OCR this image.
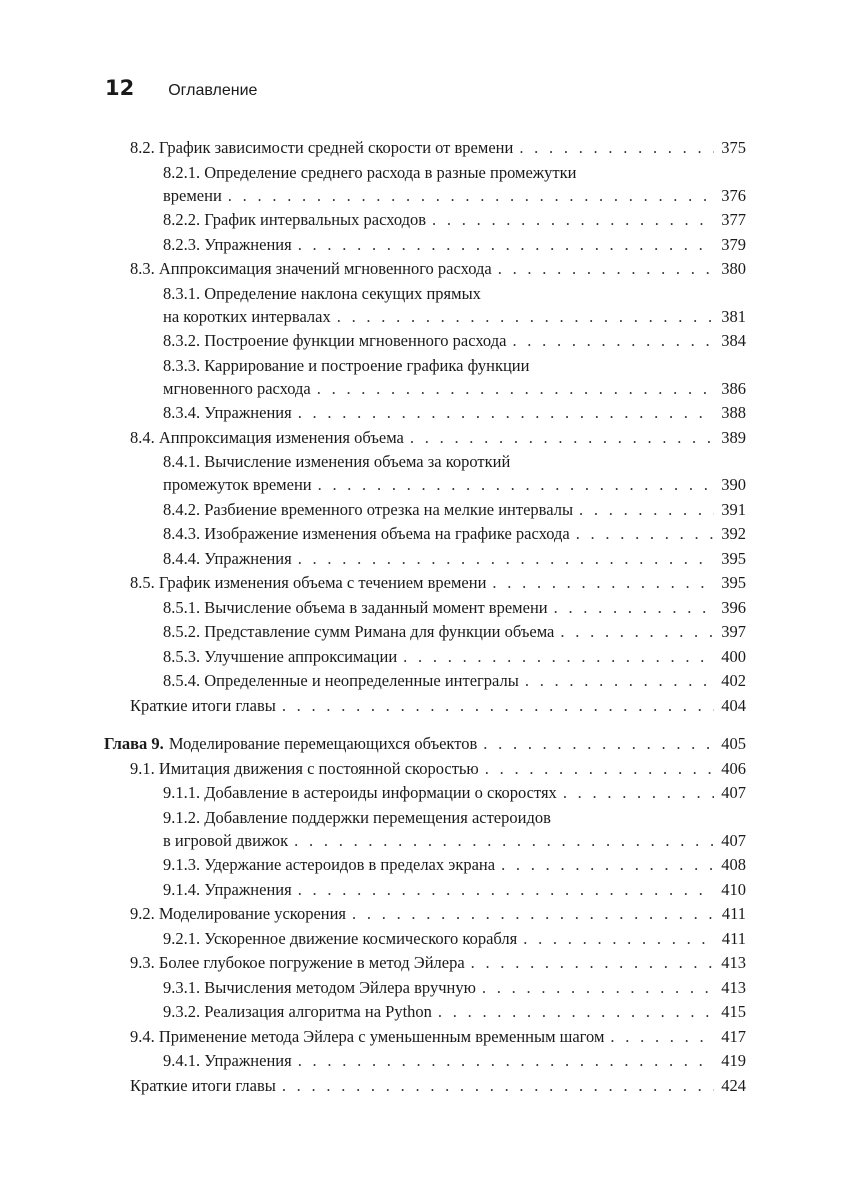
12 Оглавление
8.2. График зависимости средней скорости от времени . . .	375
8.2.1. Определение среднего расхода в разные промежутки
времени . . .	376
8.2.2. График интервальных расходов . . .	377
8.2.3. Упражнения . . .	379
8.3. Аппроксимация значений мгновенного расхода . . .	380
8.3.1. Определение наклона секущих прямых
на коротких интервалах . . .	381
8.3.2. Построение функции мгновенного расхода . . .	384
8.3.3. Каррирование и построение графика функции
мгновенного расхода . . .	386
8.3.4. Упражнения . . .	388
8.4. Аппроксимация изменения объема . . .	389
8.4.1. Вычисление изменения объема за короткий
промежуток времени . . .	390
8.4.2. Разбиение временного отрезка на мелкие интервалы . . .	391
8.4.3. Изображение изменения объема на графике расхода . . .	392
8.4.4. Упражнения . . .	395
8.5. График изменения объема с течением времени . . .	395
8.5.1. Вычисление объема в заданный момент времени . . .	396
8.5.2. Представление сумм Римана для функции объема . . .	397
8.5.3. Улучшение аппроксимации . . .	400
8.5.4. Определенные и неопределенные интегралы . . .	402
Краткие итоги главы . . .	404
Глава 9. Моделирование перемещающихся объектов . . .	405
9.1. Имитация движения с постоянной скоростью . . .	406
9.1.1. Добавление в астероиды информации о скоростях . . .	407
9.1.2. Добавление поддержки перемещения астероидов
в игровой движок . . .	407
9.1.3. Удержание астероидов в пределах экрана . . .	408
9.1.4. Упражнения . . .	410
9.2. Моделирование ускорения . . .	411
9.2.1. Ускоренное движение космического корабля . . .	411
9.3. Более глубокое погружение в метод Эйлера . . .	413
9.3.1. Вычисления методом Эйлера вручную . . .	413
9.3.2. Реализация алгоритма на Python . . .	415
9.4. Применение метода Эйлера с уменьшенным временным шагом . . .	417
9.4.1. Упражнения . . .	419
Краткие итоги главы . . .	424
